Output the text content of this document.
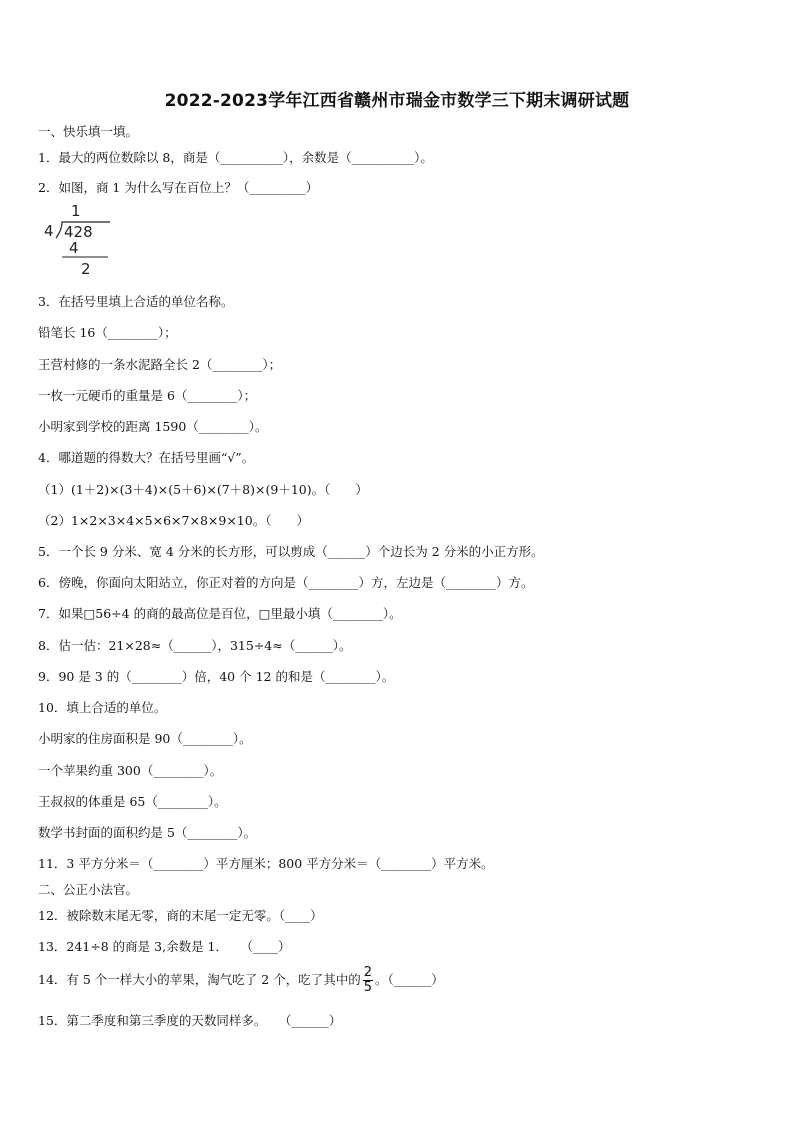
2022-2023学年江西省赣州市瑞金市数学三下期末调研试题
一、快乐填一填。
1．最大的两位数除以 8，商是（__________），余数是（__________）。
2．如图，商 1 为什么写在百位上？（_________）
1
4 428
4
2
3．在括号里填上合适的单位名称。
铅笔长 16（________）；
王营村修的一条水泥路全长 2（________）；
一枚一元硬币的重量是 6（________）；
小明家到学校的距离 1590（________）。
4．哪道题的得数大？在括号里画“√”。
（1）(1＋2)×(3＋4)×(5＋6)×(7＋8)×(9＋10)。（　　）
（2）1×2×3×4×5×6×7×8×9×10。（　　）
5．一个长 9 分米、宽 4 分米的长方形，可以剪成（______）个边长为 2 分米的小正方形。
6．傍晚，你面向太阳站立，你正对着的方向是（________）方，左边是（________）方。
7．如果□56÷4 的商的最高位是百位，□里最小填（________）。
8．估一估：21×28≈（______），315÷4≈（______）。
9．90 是 3 的（________）倍，40 个 12 的和是（________）。
10．填上合适的单位。
小明家的住房面积是 90（________）。
一个苹果约重 300（________）。
王叔叔的体重是 65（________）。
数学书封面的面积约是 5（________）。
11．3 平方分米＝（________）平方厘米；800 平方分米＝（________）平方米。
二、公正小法官。
12．被除数末尾无零，商的末尾一定无零。（____）
13．241÷8 的商是 3,余数是 1．　　（____）
14．有 5 个一样大小的苹果，淘气吃了 2 个，吃了其中的 $\frac{2}{5}$ 。（______）
15．第二季度和第三季度的天数同样多。　　（______）
